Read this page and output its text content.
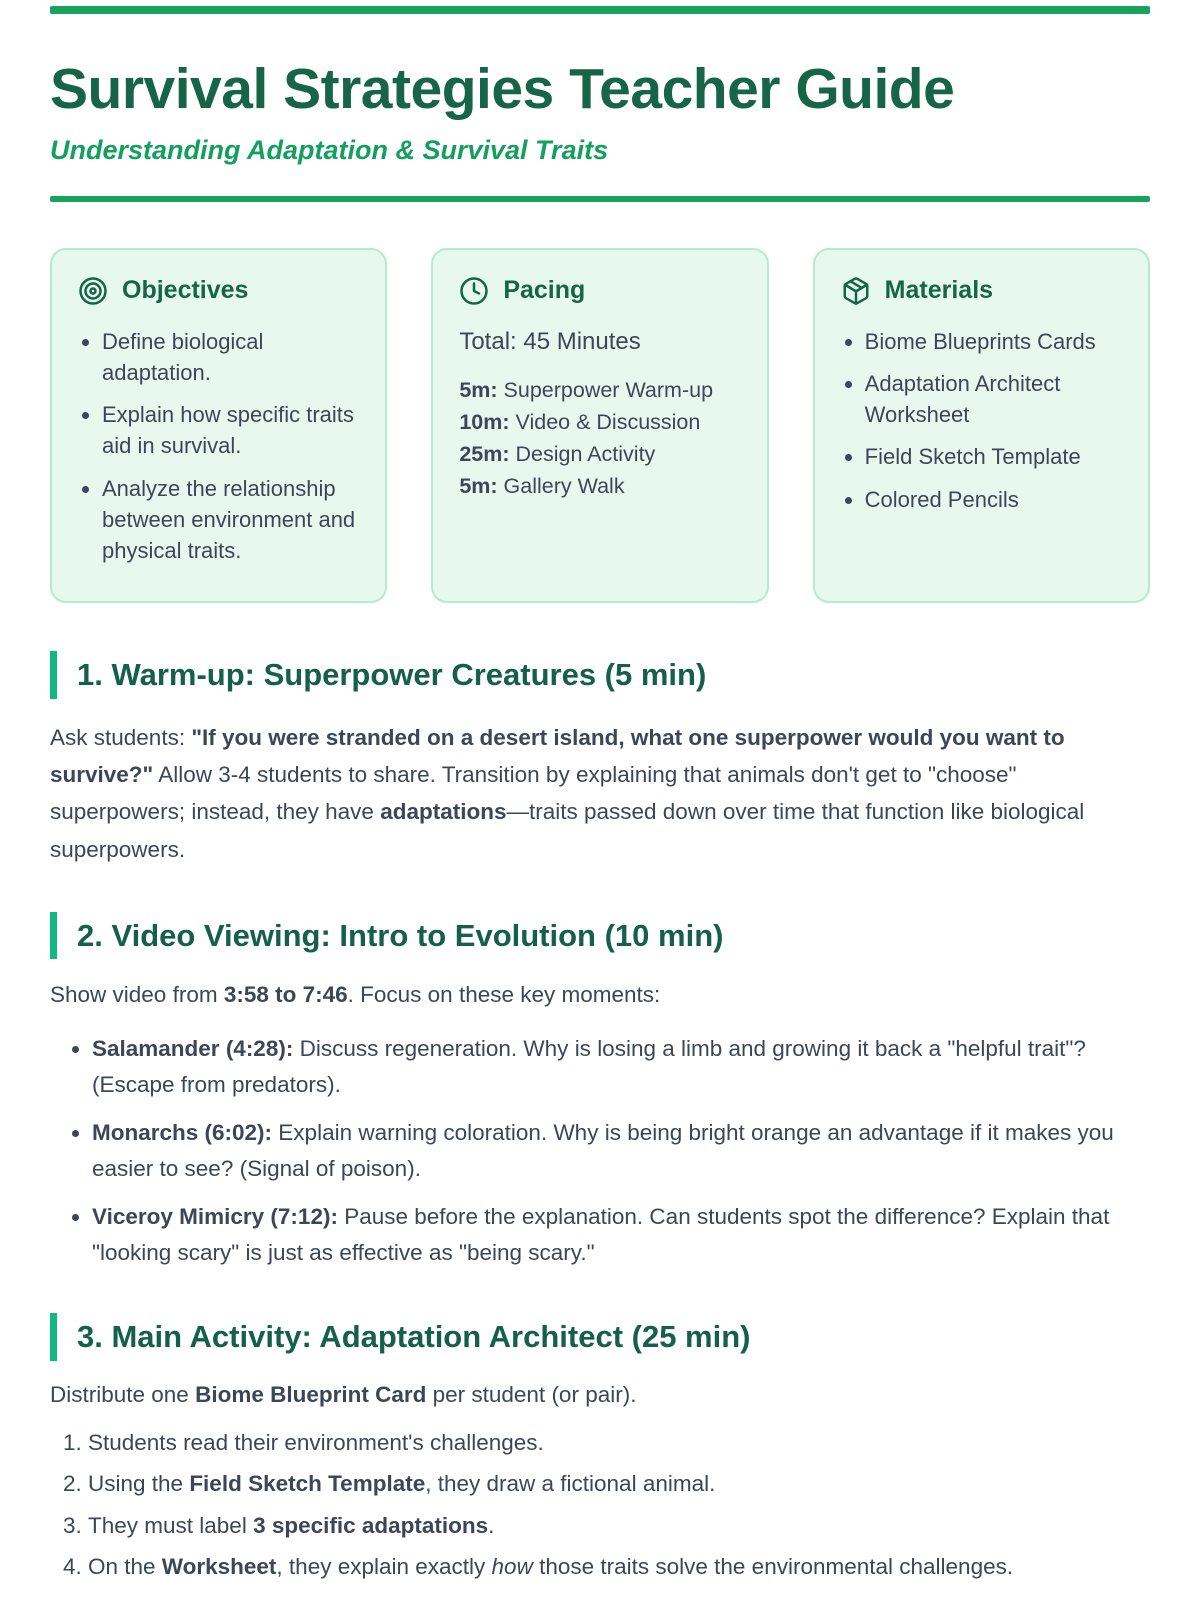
Survival Strategies Teacher Guide
Understanding Adaptation & Survival Traits
Objectives
• Define biological adaptation.
• Explain how specific traits aid in survival.
• Analyze the relationship between environment and physical traits.
Pacing
Total: 45 Minutes
5m: Superpower Warm-up
10m: Video & Discussion
25m: Design Activity
5m: Gallery Walk
Materials
• Biome Blueprints Cards
• Adaptation Architect Worksheet
• Field Sketch Template
• Colored Pencils
1. Warm-up: Superpower Creatures (5 min)

Ask students: "If you were stranded on a desert island, what one superpower would you want to survive?" Allow 3-4 students to share. Transition by explaining that animals don't get to "choose" superpowers; instead, they have adaptations—traits passed down over time that function like biological superpowers.

2. Video Viewing: Intro to Evolution (10 min)

Show video from 3:58 to 7:46. Focus on these key moments:

• Salamander (4:28): Discuss regeneration. Why is losing a limb and growing it back a "helpful trait"? (Escape from predators).
• Monarchs (6:02): Explain warning coloration. Why is being bright orange an advantage if it makes you easier to see? (Signal of poison).
• Viceroy Mimicry (7:12): Pause before the explanation. Can students spot the difference? Explain that "looking scary" is just as effective as "being scary."
3. Main Activity: Adaptation Architect (25 min)

Distribute one Biome Blueprint Card per student (or pair).

1. Students read their environment's challenges.
2. Using the Field Sketch Template, they draw a fictional animal.
3. They must label 3 specific adaptations.
4. On the Worksheet, they explain exactly how those traits solve the environmental challenges.
